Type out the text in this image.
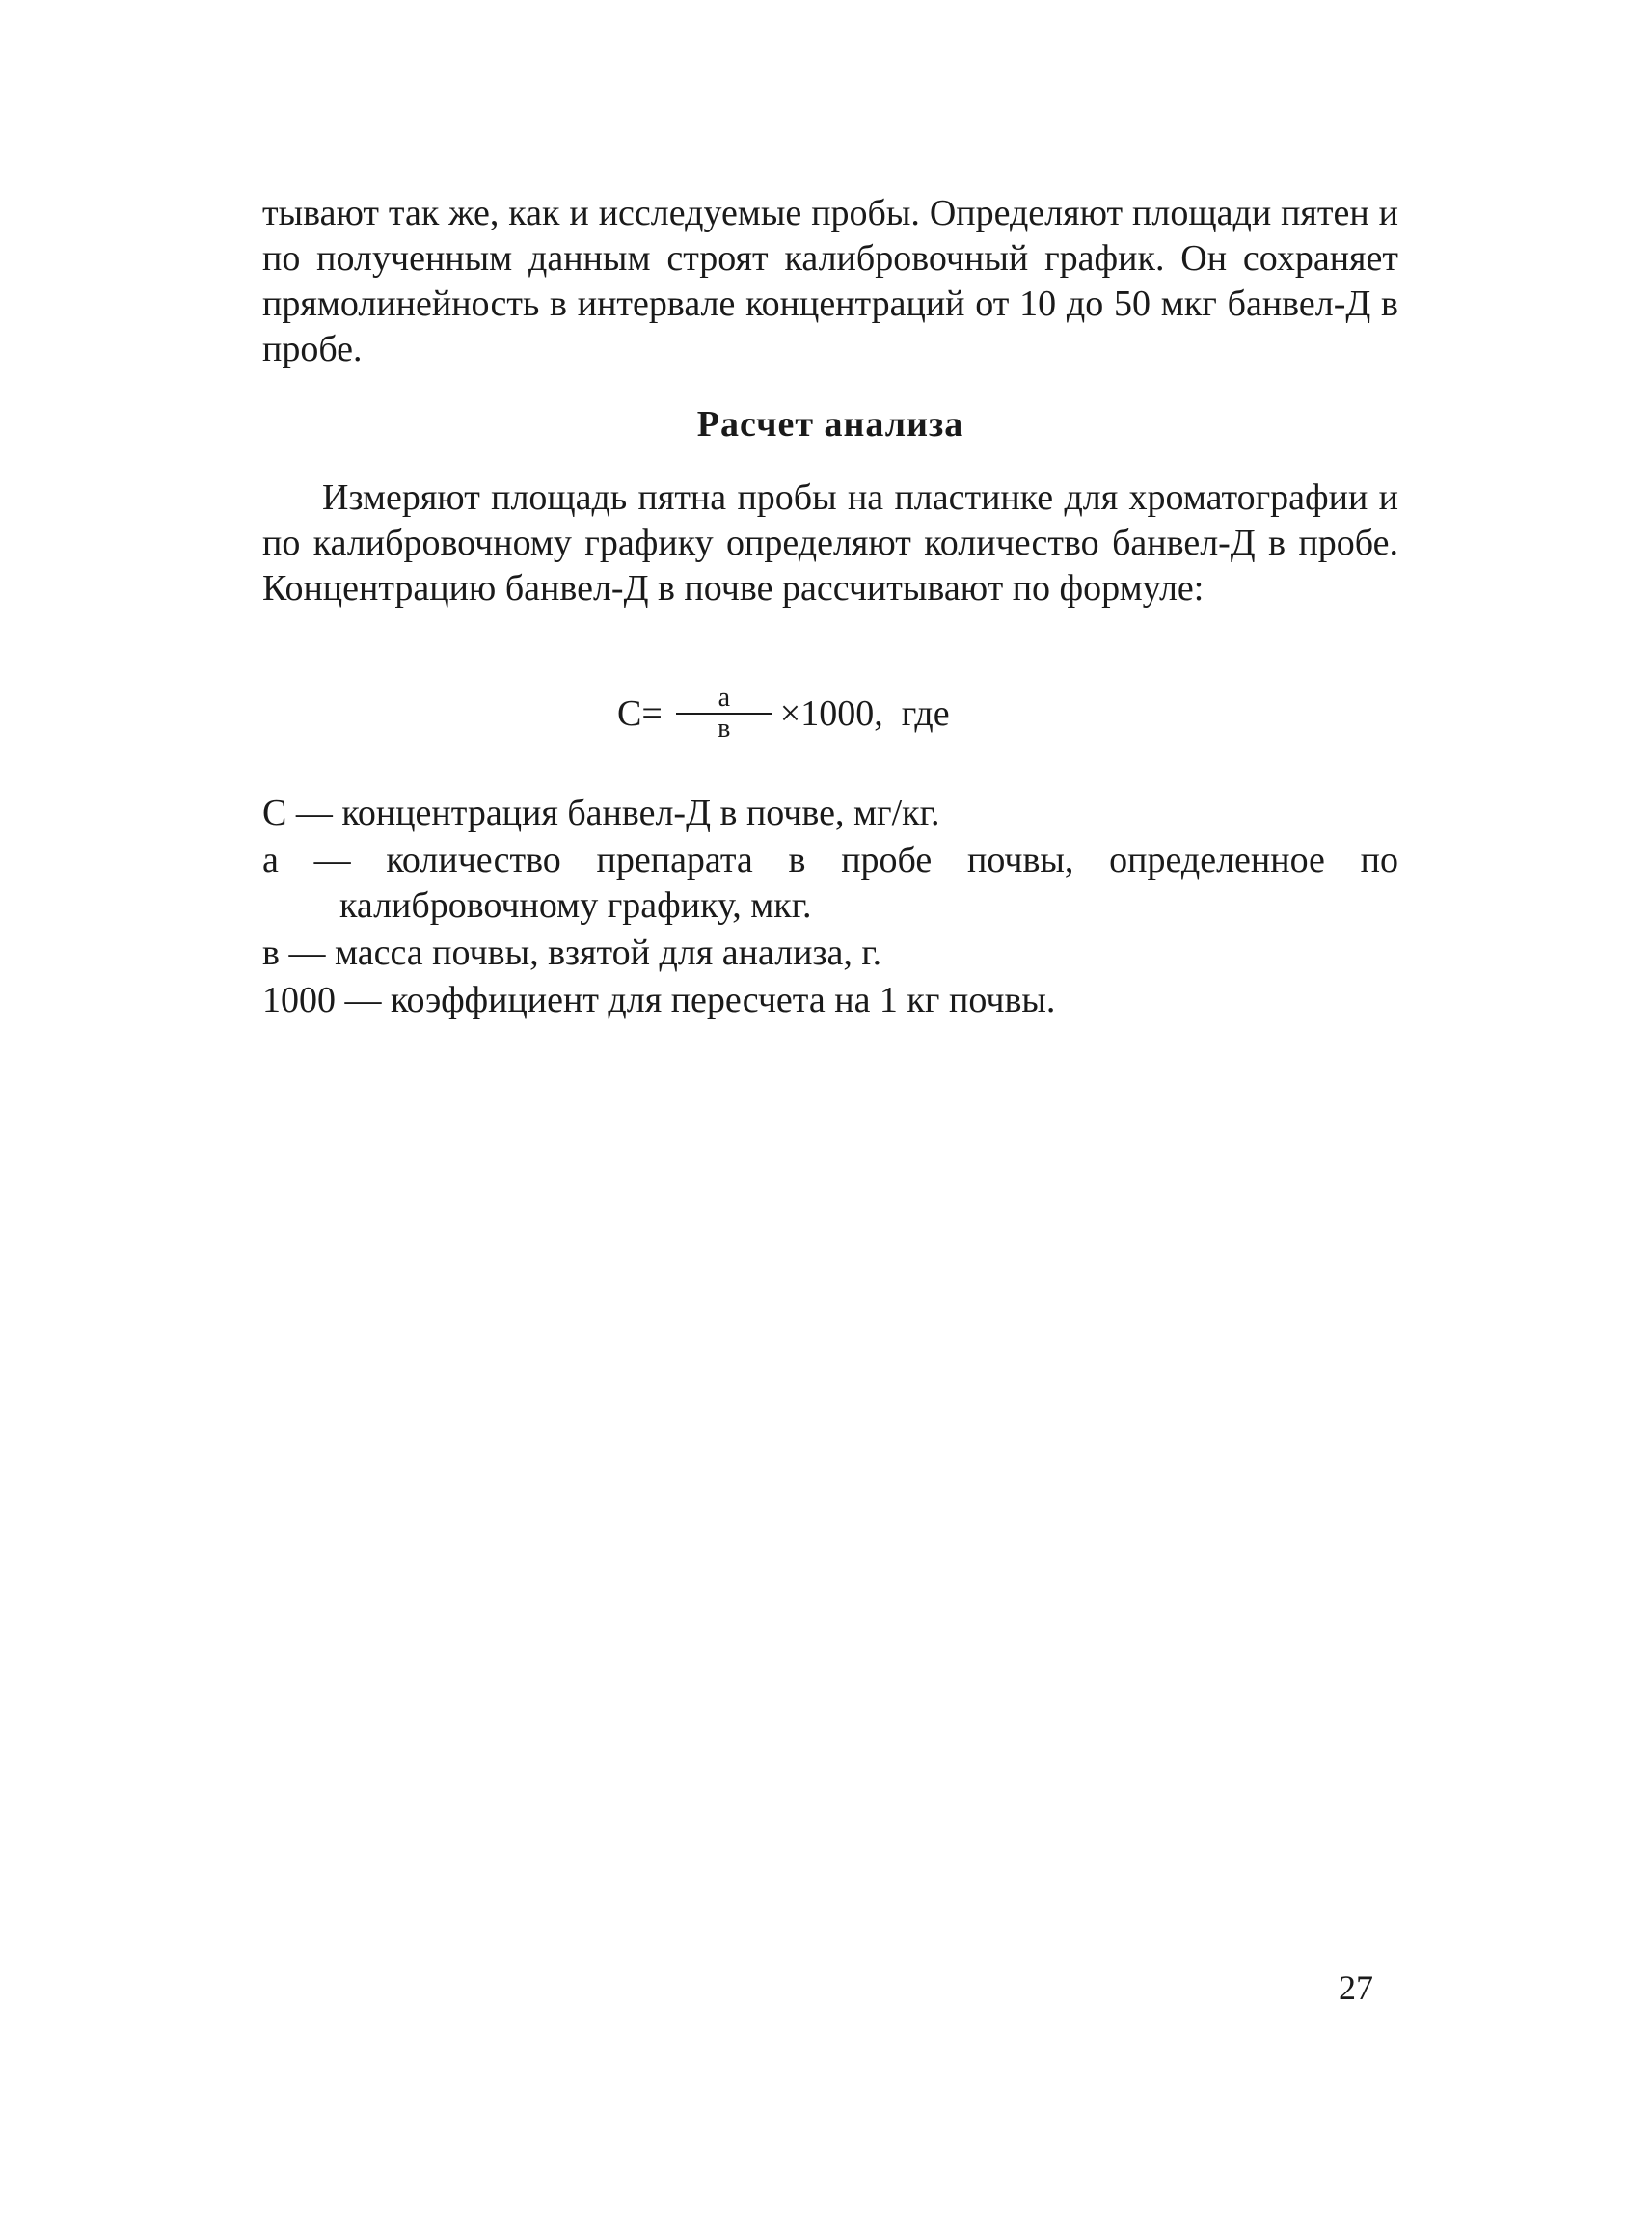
тывают так же, как и исследуемые пробы. Определяют площади пятен и по полученным данным строят калибровочный график. Он сохраняет прямолинейность в интервале концентраций от 10 до 50 мкг банвел-Д в пробе.

Расчет анализа

Измеряют площадь пятна пробы на пластинке для хроматографии и по калибровочному графику определяют количество банвел-Д в пробе. Концентрацию банвел-Д в почве рассчитывают по формуле:

$C= \frac{a}{в} \times 1000$,  где
C — концентрация банвел-Д в почве, мг/кг.
a — количество препарата в пробе почвы, определенное по калибровочному графику, мкг.
в — масса почвы, взятой для анализа, г.
1000 — коэффициент для пересчета на 1 кг почвы.
27
